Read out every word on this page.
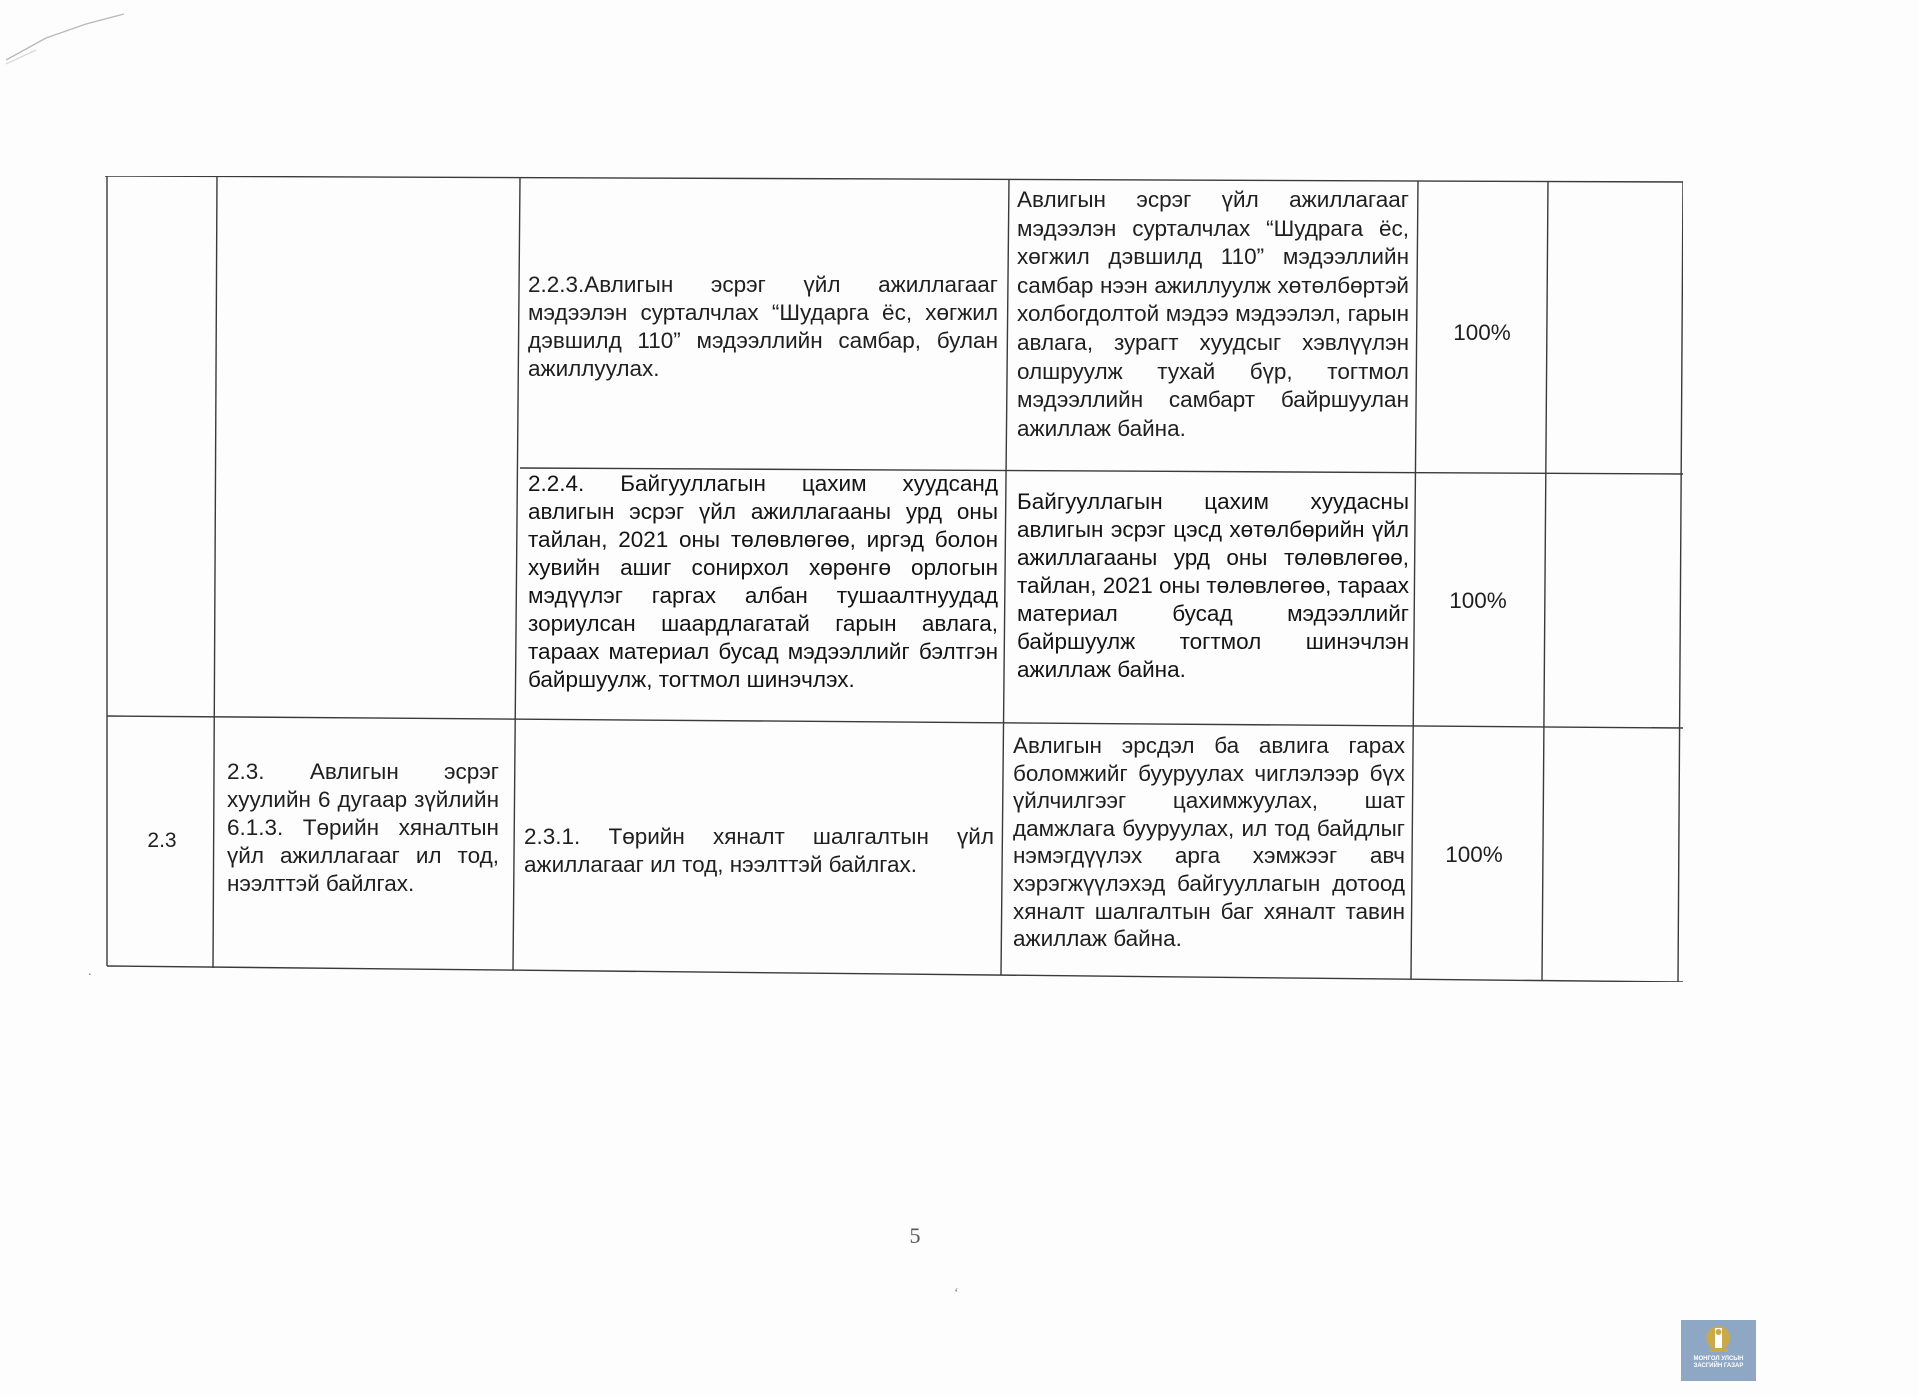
2.2.3.Авлигын эсрэг үйл ажиллагааг мэдээлэн сурталчлах “Шударга ёс, хөгжил дэвшилд 110” мэдээллийн самбар, булан ажиллуулах.
Авлигын эсрэг үйл ажиллагааг мэдээлэн сурталчлах “Шудрага ёс, хөгжил дэвшилд 110” мэдээллийн самбар нээн ажиллуулж хөтөлбөртэй холбогдолтой мэдээ мэдээлэл, гарын авлага, зурагт хуудсыг хэвлүүлэн олшруулж тухай бүр, тогтмол мэдээллийн самбарт байршуулан ажиллаж байна.
100%
2.2.4. Байгууллагын цахим хуудсанд авлигын эсрэг үйл ажиллагааны урд оны тайлан, 2021 оны төлөвлөгөө, иргэд болон хувийн ашиг сонирхол хөрөнгө орлогын мэдүүлэг гаргах албан тушаалтнуудад зориулсан шаардлагатай гарын авлага, тараах материал бусад мэдээллийг бэлтгэн байршуулж, тогтмол шинэчлэх.
Байгууллагын цахим хуудасны авлигын эсрэг цэсд хөтөлбөрийн үйл ажиллагааны урд оны төлөвлөгөө, тайлан, 2021 оны төлөвлөгөө, тараах материал бусад мэдээллийг байршуулж тогтмол шинэчлэн ажиллаж байна.
100%
2.3
2.3. Авлигын эсрэг хуулийн 6 дугаар зүйлийн 6.1.3. Төрийн хяналтын үйл ажиллагааг ил тод, нээлттэй байлгах.
2.3.1. Төрийн хяналт шалгалтын үйл ажиллагааг ил тод, нээлттэй байлгах.
Авлигын эрсдэл ба авлига гарах боломжийг бууруулах чиглэлээр бүх үйлчилгээг цахимжуулах, шат дамжлага бууруулах, ил тод байдлыг нэмэгдүүлэх арга хэмжээг авч хэрэгжүүлэхэд байгууллагын дотоод хяналт шалгалтын баг хяналт тавин ажиллаж байна.
100%
.
‘
5
МОНГОЛ УЛСЫН ЗАСГИЙН ГАЗАР
